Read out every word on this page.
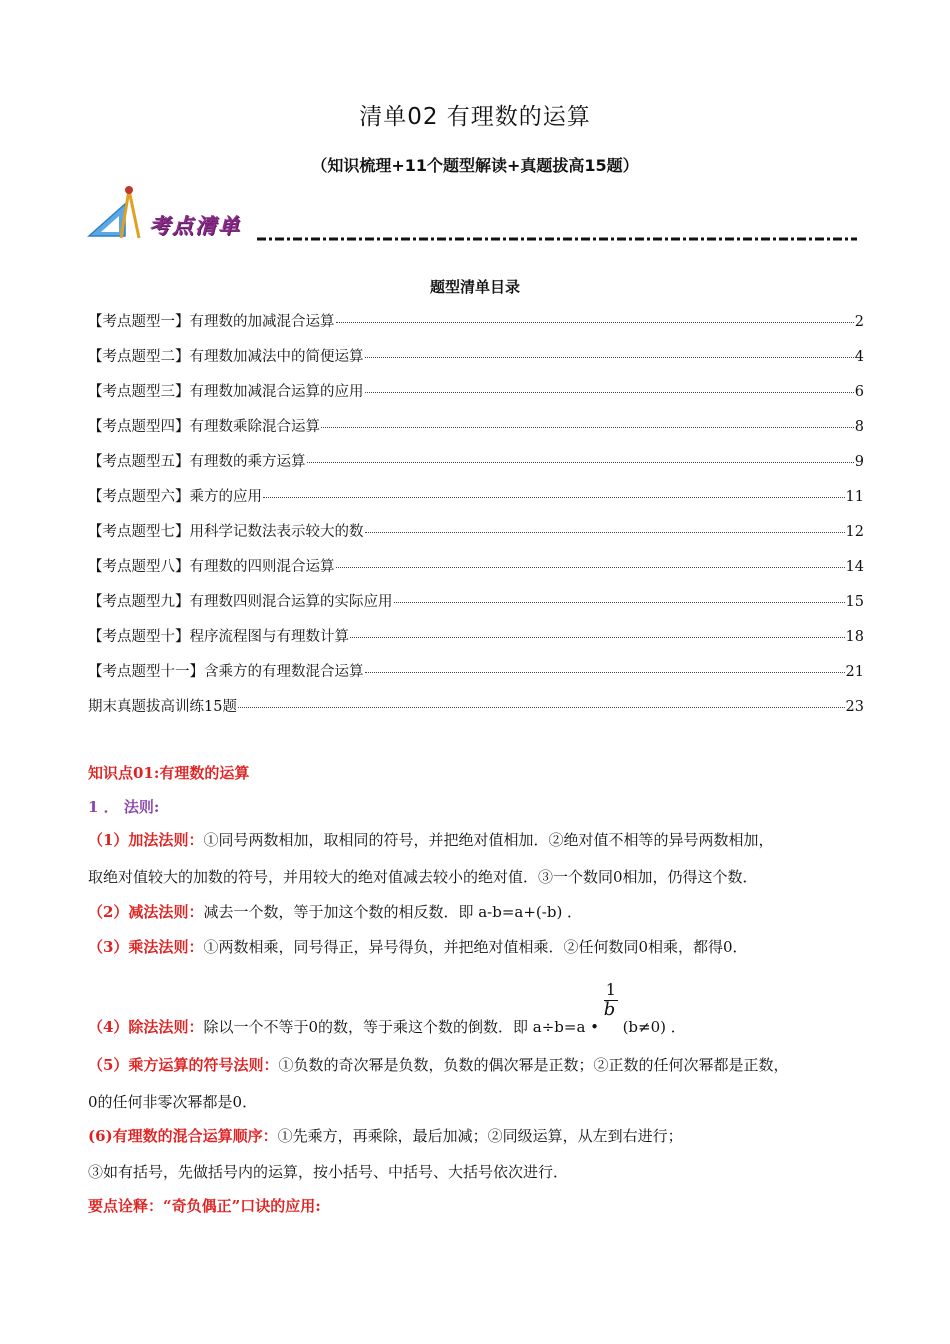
清单02 有理数的运算
（知识梳理+11个题型解读+真题拔高15题）
考点清单
题型清单目录
【考点题型一】有理数的加减混合运算	2
【考点题型二】有理数加减法中的简便运算	4
【考点题型三】有理数加减混合运算的应用	6
【考点题型四】有理数乘除混合运算	8
【考点题型五】有理数的乘方运算	9
【考点题型六】乘方的应用	11
【考点题型七】用科学记数法表示较大的数	12
【考点题型八】有理数的四则混合运算	14
【考点题型九】有理数四则混合运算的实际应用	15
【考点题型十】程序流程图与有理数计算	18
【考点题型十一】含乘方的有理数混合运算	21
期末真题拔高训练15题	23
知识点01:有理数的运算
1 ． 法则:
（1）加法法则：①同号两数相加，取相同的符号，并把绝对值相加．②绝对值不相等的异号两数相加，
取绝对值较大的加数的符号，并用较大的绝对值减去较小的绝对值．③一个数同0相加，仍得这个数．
（2）减法法则：减去一个数，等于加这个数的相反数．即 a-b=a+(-b) ．
（3）乘法法则：①两数相乘，同号得正，异号得负，并把绝对值相乘．②任何数同0相乘，都得0．
（4）除法法则：除以一个不等于0的数，等于乘这个数的倒数．即 a÷b=a • $\frac{1}{b} (b\ne 0)$ ．
（5）乘方运算的符号法则：①负数的奇次幂是负数，负数的偶次幂是正数；②正数的任何次幂都是正数，
0的任何非零次幂都是0．
(6)有理数的混合运算顺序：①先乘方，再乘除，最后加减；②同级运算，从左到右进行；
③如有括号，先做括号内的运算，按小括号、中括号、大括号依次进行．
要点诠释：“奇负偶正”口诀的应用:
